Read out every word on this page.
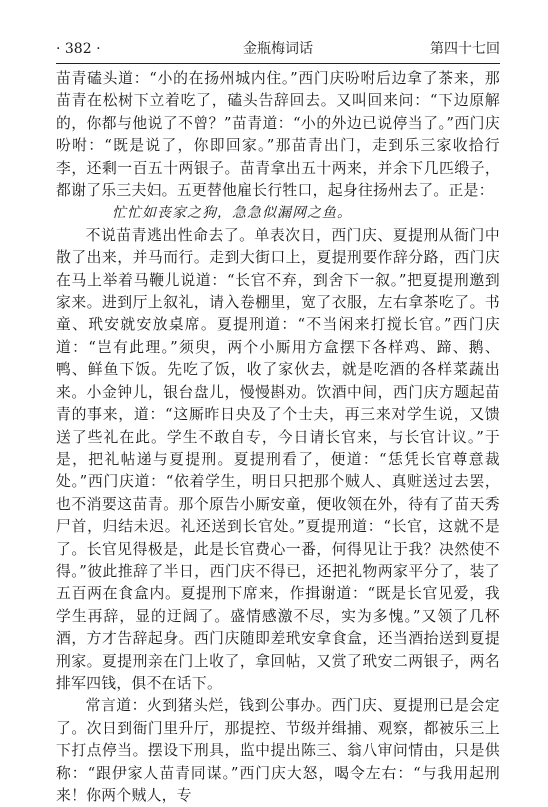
· 382 ·	金瓶梅词话	第四十七回

苗青磕头道：“小的在扬州城内住。”西门庆吩咐后边拿了茶来，那苗青在松树下立着吃了，磕头告辞回去。又叫回来问：“下边原解的，你都与他说了不曾？”苗青道：“小的外边已说停当了。”西门庆吩咐：“既是说了，你即回家。”那苗青出门，走到乐三家收拾行李，还剩一百五十两银子。苗青拿出五十两来，并余下几匹缎子，都谢了乐三夫妇。五更替他雇长行牲口，起身往扬州去了。正是：

忙忙如丧家之狗，急急似漏网之鱼。

不说苗青逃出性命去了。单表次日，西门庆、夏提刑从衙门中散了出来，并马而行。走到大街口上，夏提刑要作辞分路，西门庆在马上举着马鞭儿说道：“长官不弃，到舍下一叙。”把夏提刑邀到家来。进到厅上叙礼，请入卷棚里，宽了衣服，左右拿茶吃了。书童、玳安就安放桌席。夏提刑道：“不当闲来打搅长官。”西门庆道：“岂有此理。”须臾，两个小厮用方盒摆下各样鸡、蹄、鹅、鸭、鲜鱼下饭。先吃了饭，收了家伙去，就是吃酒的各样菜蔬出来。小金钟儿，银台盘儿，慢慢斟劝。饮酒中间，西门庆方题起苗青的事来，道：“这厮昨日央及了个士夫，再三来对学生说，又馈送了些礼在此。学生不敢自专，今日请长官来，与长官计议。”于是，把礼帖递与夏提刑。夏提刑看了，便道：“恁凭长官尊意裁处。”西门庆道：“依着学生，明日只把那个贼人、真赃送过去罢，也不消要这苗青。那个原告小厮安童，便收领在外，待有了苗天秀尸首，归结未迟。礼还送到长官处。”夏提刑道：“长官，这就不是了。长官见得极是，此是长官费心一番，何得见让于我？决然使不得。”彼此推辞了半日，西门庆不得已，还把礼物两家平分了，装了五百两在食盒内。夏提刑下席来，作揖谢道：“既是长官见爱，我学生再辞，显的迂阔了。盛情感激不尽，实为多愧。”又领了几杯酒，方才告辞起身。西门庆随即差玳安拿食盒，还当酒抬送到夏提刑家。夏提刑亲在门上收了，拿回帖，又赏了玳安二两银子，两名排军四钱，俱不在话下。

常言道：火到猪头烂，钱到公事办。西门庆、夏提刑已是会定了。次日到衙门里升厅，那提控、节级并缉捕、观察，都被乐三上下打点停当。摆设下刑具，监中提出陈三、翁八审问情由，只是供称：“跟伊家人苗青同谋。”西门庆大怒，喝令左右：“与我用起刑来！你两个贼人，专
